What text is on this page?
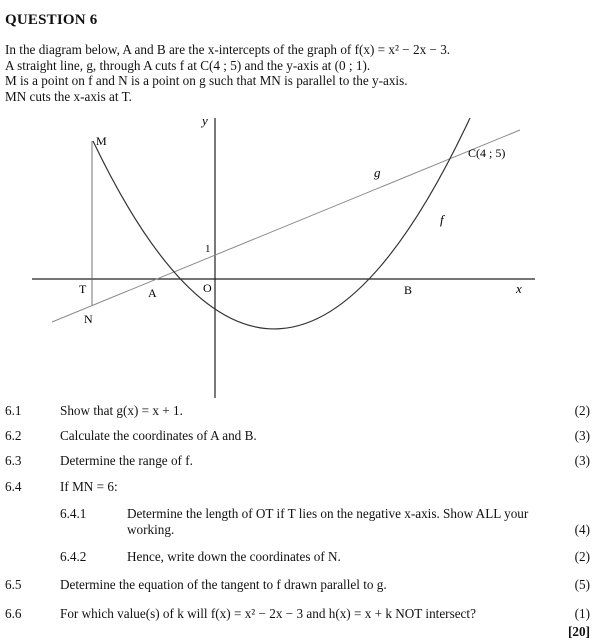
QUESTION 6
In the diagram below, A and B are the x-intercepts of the graph of f(x) = x² − 2x − 3.
A straight line, g, through A cuts f at C(4 ; 5) and the y-axis at (0 ; 1).
M is a point on f and N is a point on g such that MN is parallel to the y-axis.
MN cuts the x-axis at T.
y
x
O
A	B
C(4 ; 5)
M
N
T
g
f
1
6.1	Show that g(x) = x + 1.	(2)
6.2	Calculate the coordinates of A and B.	(3)
6.3	Determine the range of f.	(3)
6.4	If MN = 6:
6.4.1	Determine the length of OT if T lies on the negative x-axis. Show ALL your working.	(4)
6.4.2	Hence, write down the coordinates of N.	(2)
6.5	Determine the equation of the tangent to f drawn parallel to g.	(5)
6.6	For which value(s) of k will f(x) = x² − 2x − 3 and h(x) = x + k NOT intersect?	(1)
[20]
